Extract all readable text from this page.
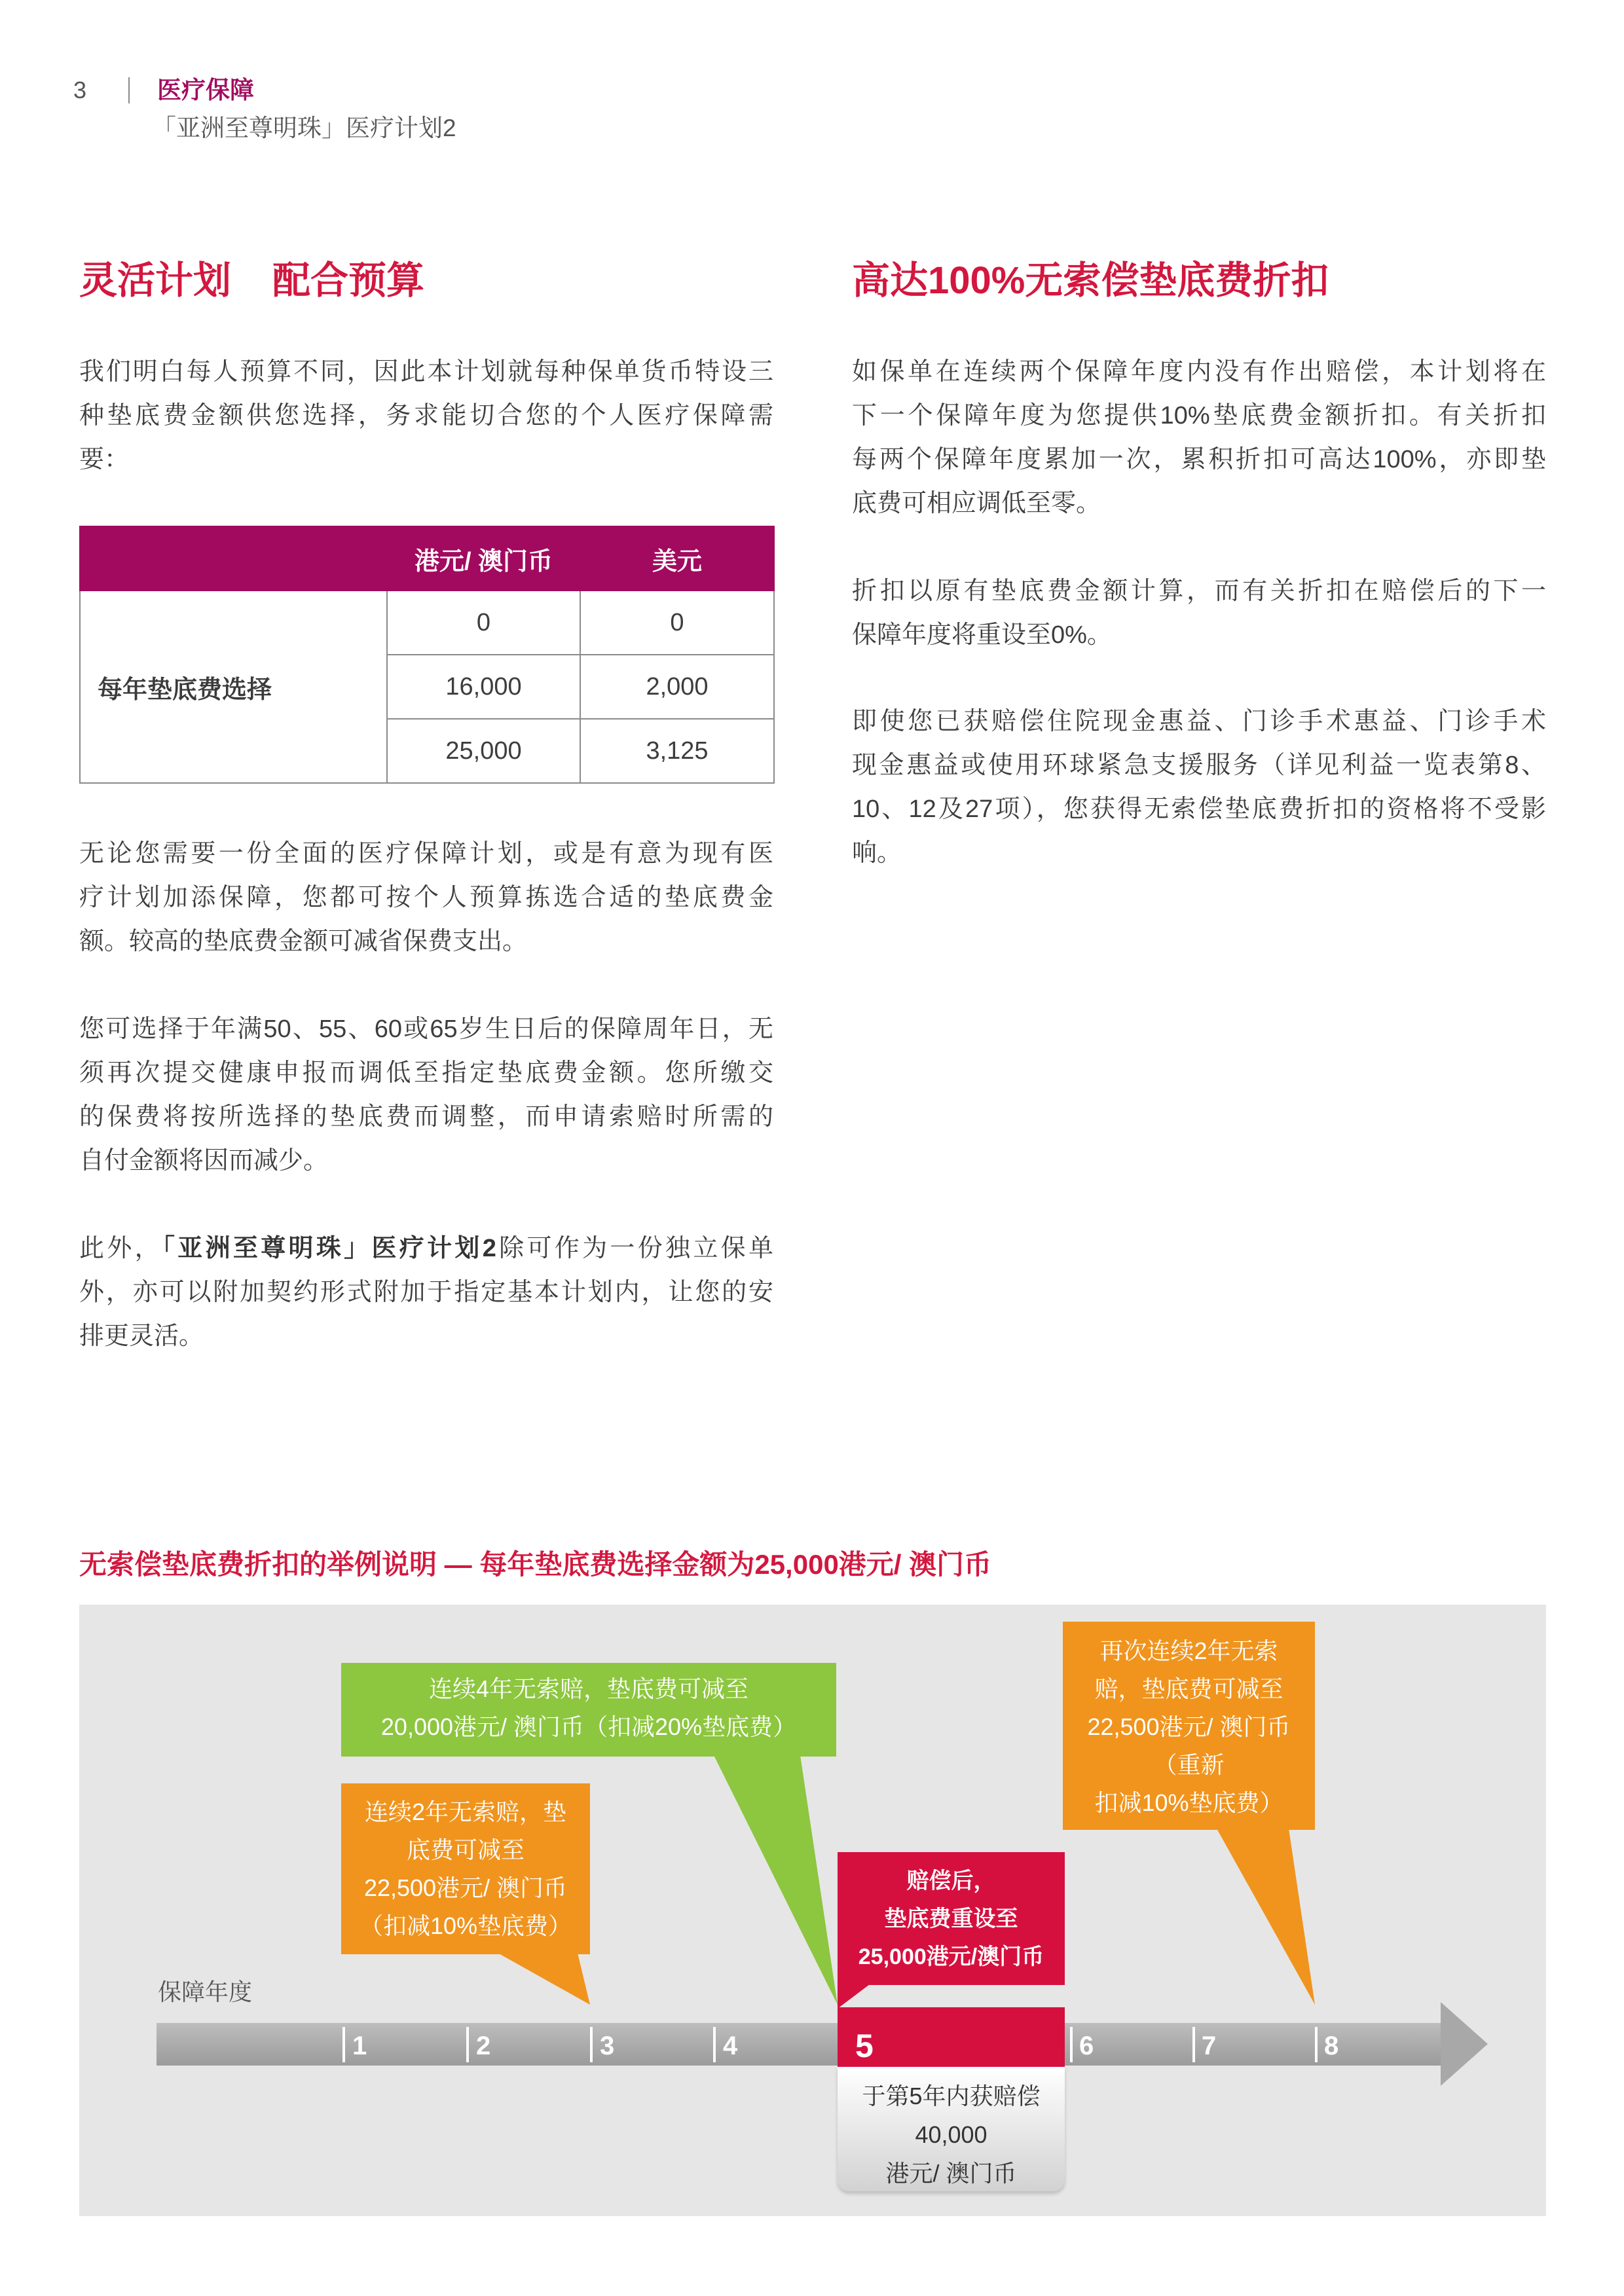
3	医疗保障
「亚洲至尊明珠」医疗计划2
灵活计划 配合预算
我们明白每人预算不同，因此本计划就每种保单货币特设三
种垫底费金额供您选择，务求能切合您的个人医疗保障需
要：
	港元/ 澳门币	美元
每年垫底费选择	0	0
	16,000	2,000
	25,000	3,125
无论您需要一份全面的医疗保障计划，或是有意为现有医
疗计划加添保障，您都可按个人预算拣选合适的垫底费金
额。较高的垫底费金额可减省保费支出。
您可选择于年满50、55、60或65岁生日后的保障周年日，无
须再次提交健康申报而调低至指定垫底费金额。您所缴交
的保费将按所选择的垫底费而调整，而申请索赔时所需的
自付金额将因而减少。
此外，「亚洲至尊明珠」医疗计划2除可作为一份独立保单
外，亦可以附加契约形式附加于指定基本计划内，让您的安
排更灵活。
高达100%无索偿垫底费折扣
如保单在连续两个保障年度内没有作出赔偿，本计划将在
下一个保障年度为您提供10%垫底费金额折扣。有关折扣
每两个保障年度累加一次，累积折扣可高达100%，亦即垫
底费可相应调低至零。
折扣以原有垫底费金额计算，而有关折扣在赔偿后的下一
保障年度将重设至0%。
即使您已获赔偿住院现金惠益、门诊手术惠益、门诊手术
现金惠益或使用环球紧急支援服务（详见利益一览表第8、
10、12及27项），您获得无索偿垫底费折扣的资格将不受影
响。
无索偿垫底费折扣的举例说明 — 每年垫底费选择金额为25,000港元/ 澳门币
保障年度
1	2	3	4	5	6	7	8
连续4年无索赔，垫底费可减至
20,000港元/ 澳门币（扣减20%垫底费）
连续2年无索赔，垫
底费可减至
22,500港元/ 澳门币
（扣减10%垫底费）
赔偿后，
垫底费重设至
25,000港元/澳门币
再次连续2年无索
赔，垫底费可减至
22,500港元/ 澳门币
（重新
扣减10%垫底费）
于第5年内获赔偿
40,000
港元/ 澳门币
